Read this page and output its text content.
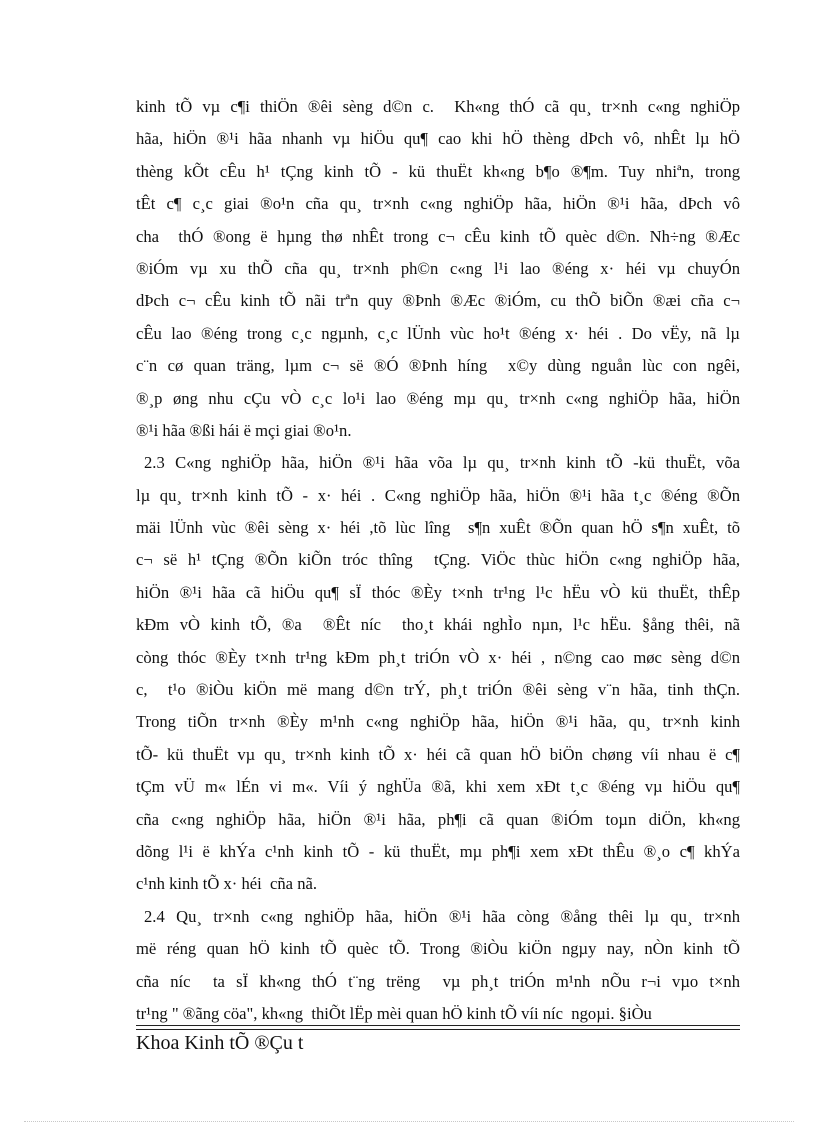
kinh tÕ vµ c¶i thiÖn ®êi sèng d©n c.  Kh«ng thÓ cã qu¸ tr×nh c«ng nghiÖp
hãa, hiÖn ®¹i hãa nhanh vµ hiÖu qu¶ cao khi hÖ thèng dÞch vô, nhÊt lµ hÖ
thèng kÕt cÊu h¹ tÇng kinh tÕ - kü thuËt kh«ng b¶o ®¶m. Tuy nhiªn, trong
tÊt c¶ c¸c giai ®o¹n cña qu¸ tr×nh c«ng nghiÖp hãa, hiÖn ®¹i hãa, dÞch vô
cha  thÓ ®ong ë hµng thø nhÊt trong c¬ cÊu kinh tÕ quèc d©n. Nh÷ng ®Æc
®iÓm vµ xu thÕ cña qu¸ tr×nh ph©n c«ng l¹i lao ®éng x· héi vµ chuyÓn
dÞch c¬ cÊu kinh tÕ nãi trªn quy ®Þnh ®Æc ®iÓm, cu thÕ biÕn ®æi cña c¬
cÊu lao ®éng trong c¸c ngµnh, c¸c lÜnh vùc ho¹t ®éng x· héi . Do vËy, nã lµ
c¨n cø quan träng, lµm c¬ së ®Ó ®Þnh híng  x©y dùng nguån lùc con ngêi,
®¸p øng nhu cÇu vÒ c¸c lo¹i lao ®éng mµ qu¸ tr×nh c«ng nghiÖp hãa, hiÖn
®¹i hãa ®ßi hái ë mçi giai ®o¹n.
2.3 C«ng nghiÖp hãa, hiÖn ®¹i hãa võa lµ qu¸ tr×nh kinh tÕ -kü thuËt, võa
lµ qu¸ tr×nh kinh tÕ - x· héi . C«ng nghiÖp hãa, hiÖn ®¹i hãa t¸c ®éng ®Õn
mäi lÜnh vùc ®êi sèng x· héi ,tõ lùc lîng  s¶n xuÊt ®Õn quan hÖ s¶n xuÊt, tõ
c¬ së h¹ tÇng ®Õn kiÕn tróc thîng  tÇng. ViÖc thùc hiÖn c«ng nghiÖp hãa,
hiÖn ®¹i hãa cã hiÖu qu¶ sÏ thóc ®Èy t×nh tr¹ng l¹c hËu vÒ kü thuËt, thÊp
kÐm vÒ kinh tÕ, ®a  ®Êt níc  tho¸t khái nghÌo nµn, l¹c hËu. §ång thêi, nã
còng thóc ®Èy t×nh tr¹ng kÐm ph¸t triÓn vÒ x· héi , n©ng cao møc sèng d©n
c,  t¹o ®iÒu kiÖn më mang d©n trÝ, ph¸t triÓn ®êi sèng v¨n hãa, tinh thÇn.
Trong tiÕn tr×nh ®Èy m¹nh c«ng nghiÖp hãa, hiÖn ®¹i hãa, qu¸ tr×nh kinh
tÕ- kü thuËt vµ qu¸ tr×nh kinh tÕ x· héi cã quan hÖ biÖn chøng víi nhau ë c¶
tÇm vÜ m« lÉn vi m«. Víi ý nghÜa ®ã, khi xem xÐt t¸c ®éng vµ hiÖu qu¶
cña c«ng nghiÖp hãa, hiÖn ®¹i hãa, ph¶i cã quan ®iÓm toµn diÖn, kh«ng
dõng l¹i ë khÝa c¹nh kinh tÕ - kü thuËt, mµ ph¶i xem xÐt thÊu ®¸o c¶ khÝa
c¹nh kinh tÕ x· héi  cña nã.
2.4 Qu¸ tr×nh c«ng nghiÖp hãa, hiÖn ®¹i hãa còng ®ång thêi lµ qu¸ tr×nh
më réng quan hÖ kinh tÕ quèc tÕ. Trong ®iÒu kiÖn ngµy nay, nÒn kinh tÕ
cña níc  ta sÏ kh«ng thÓ t¨ng trëng  vµ ph¸t triÓn m¹nh nÕu r¬i vµo t×nh
tr¹ng " ®ãng cöa", kh«ng  thiÕt lËp mèi quan hÖ kinh tÕ víi níc  ngoµi. §iÒu
Khoa Kinh tÕ ®Çu t
